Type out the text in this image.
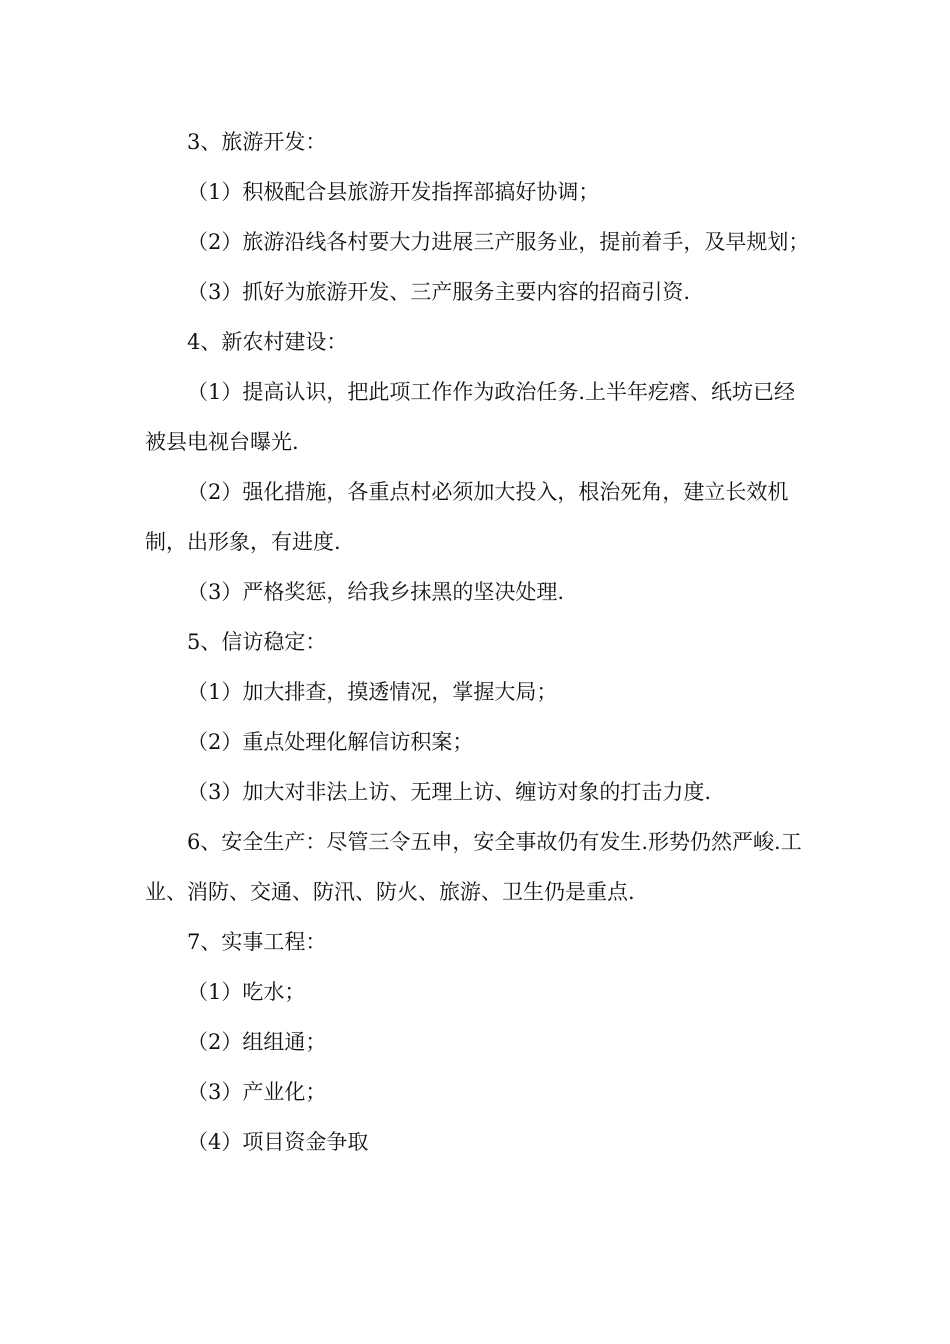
3、旅游开发：

（1）积极配合县旅游开发指挥部搞好协调；

（2）旅游沿线各村要大力进展三产服务业，提前着手，及早规划；

（3）抓好为旅游开发、三产服务主要内容的招商引资.

4、新农村建设：

（1）提高认识，把此项工作作为政治任务.上半年疙瘩、纸坊已经被县电视台曝光.

（2）强化措施，各重点村必须加大投入，根治死角，建立长效机制，出形象，有进度.

（3）严格奖惩，给我乡抹黑的坚决处理.

5、信访稳定：

（1）加大排查，摸透情况，掌握大局；

（2）重点处理化解信访积案；

（3）加大对非法上访、无理上访、缠访对象的打击力度.

6、安全生产：尽管三令五申，安全事故仍有发生.形势仍然严峻.工业、消防、交通、防汛、防火、旅游、卫生仍是重点.

7、实事工程：

（1）吃水；

（2）组组通；

（3）产业化；

（4）项目资金争取
